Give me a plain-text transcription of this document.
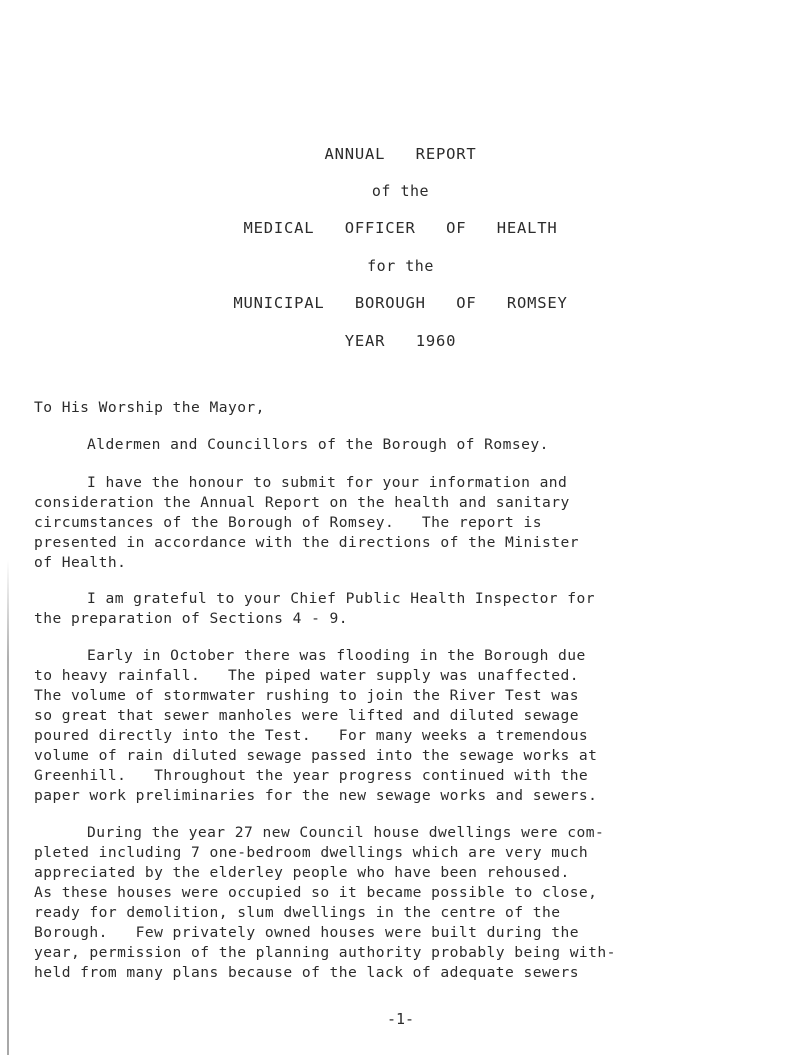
ANNUAL   REPORT
of the
MEDICAL   OFFICER   OF   HEALTH
for the
MUNICIPAL   BOROUGH   OF   ROMSEY
YEAR   1960
To His Worship the Mayor,
Aldermen and Councillors of the Borough of Romsey.
I have the honour to submit for your information and
consideration the Annual Report on the health and sanitary
circumstances of the Borough of Romsey.   The report is
presented in accordance with the directions of the Minister
of Health.
I am grateful to your Chief Public Health Inspector for
the preparation of Sections 4 - 9.
Early in October there was flooding in the Borough due
to heavy rainfall.   The piped water supply was unaffected.
The volume of stormwater rushing to join the River Test was
so great that sewer manholes were lifted and diluted sewage
poured directly into the Test.   For many weeks a tremendous
volume of rain diluted sewage passed into the sewage works at
Greenhill.   Throughout the year progress continued with the
paper work preliminaries for the new sewage works and sewers.
During the year 27 new Council house dwellings were com-
pleted including 7 one-bedroom dwellings which are very much
appreciated by the elderley people who have been rehoused.
As these houses were occupied so it became possible to close,
ready for demolition, slum dwellings in the centre of the
Borough.   Few privately owned houses were built during the
year, permission of the planning authority probably being with-
held from many plans because of the lack of adequate sewers
-1-
